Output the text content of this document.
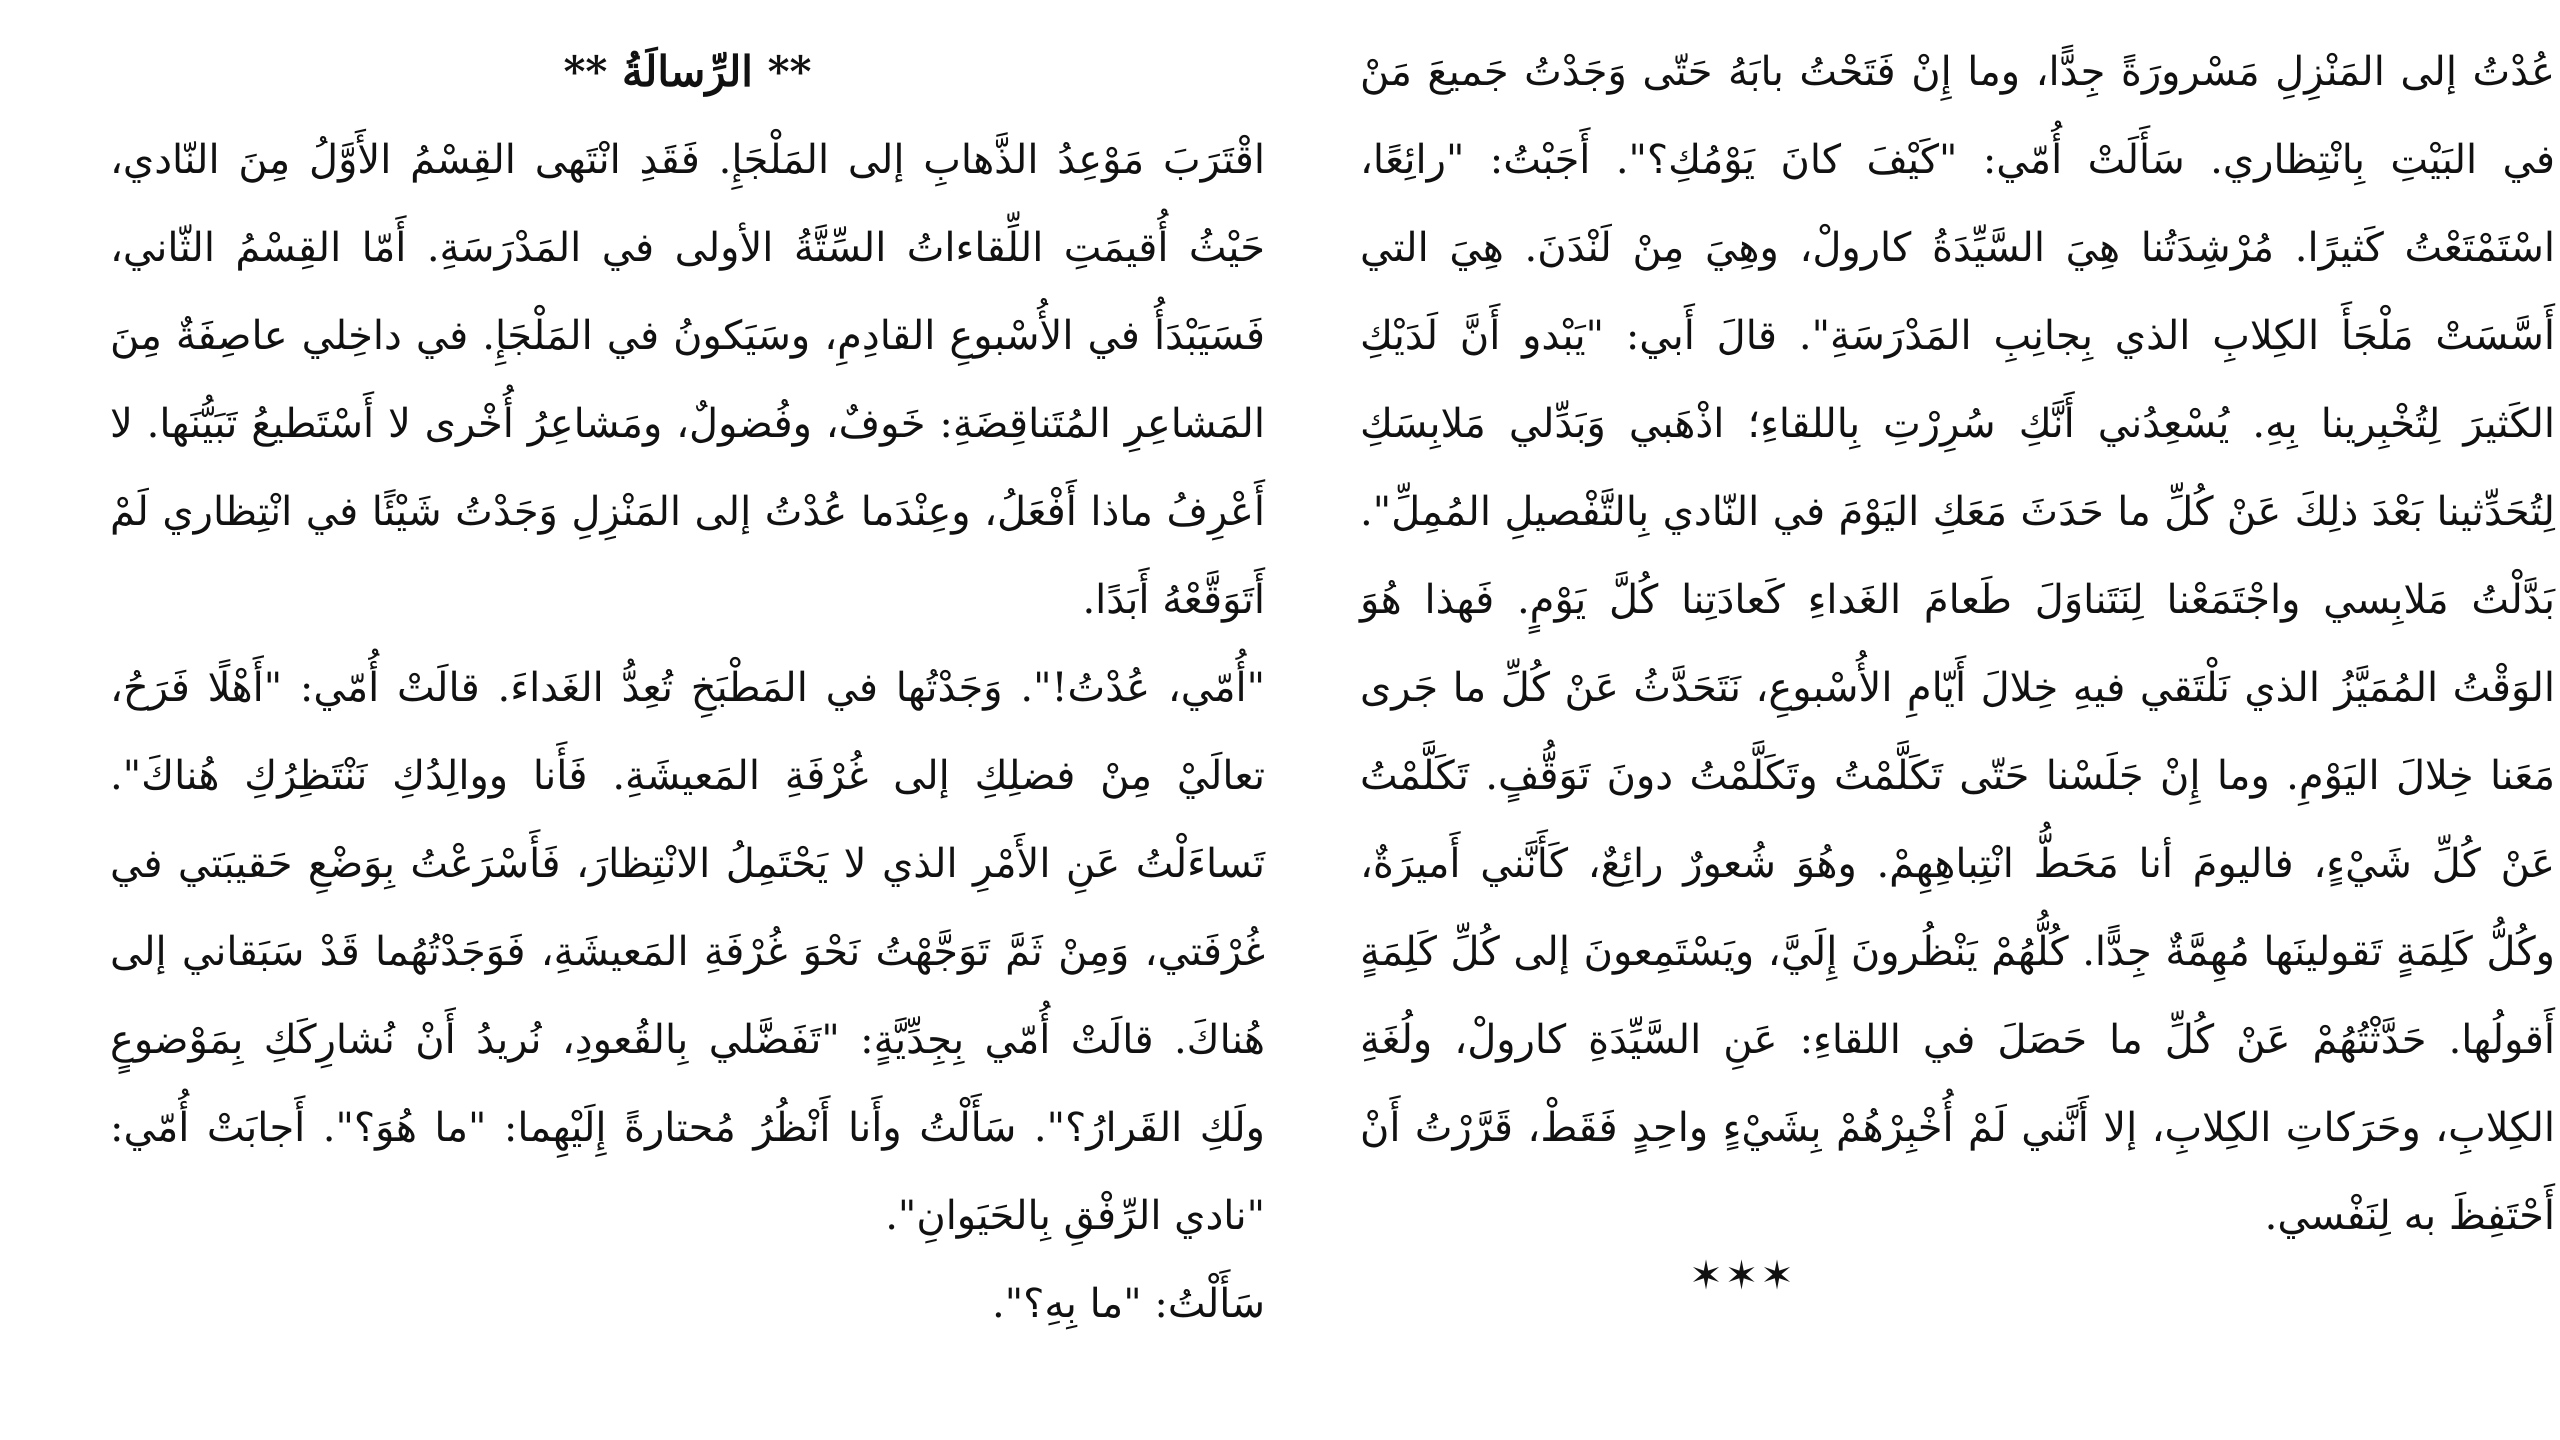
عُدْتُ إلى المَنْزِلِ مَسْرورَةً جِدًّا، وما إِنْ فَتَحْتُ بابَهُ حَتّى وَجَدْتُ جَميعَ مَنْ في البَيْتِ بِانْتِظاري. سَأَلَتْ أُمّي: "كَيْفَ كانَ يَوْمُكِ؟". أَجَبْتُ: "رائِعًا، اسْتَمْتَعْتُ كَثيرًا. مُرْشِدَتُنا هِيَ السَّيِّدَةُ كارولْ، وهِيَ مِنْ لَنْدَنَ. هِيَ التي أَسَّسَتْ مَلْجَأَ الكِلابِ الذي بِجانِبِ المَدْرَسَةِ". قالَ أَبي: "يَبْدو أَنَّ لَدَيْكِ الكَثيرَ لِتُخْبِرينا بِهِ. يُسْعِدُني أَنَّكِ سُرِرْتِ بِاللقاءِ؛ اذْهَبي وَبَدِّلي مَلابِسَكِ لِتُحَدِّثينا بَعْدَ ذلِكَ عَنْ كُلِّ ما حَدَثَ مَعَكِ اليَوْمَ في النّادي بِالتَّفْصيلِ المُمِلِّ". بَدَّلْتُ مَلابِسي واجْتَمَعْنا لِنَتَناوَلَ طَعامَ الغَداءِ كَعادَتِنا كُلَّ يَوْمٍ. فَهذا هُوَ الوَقْتُ المُمَيَّزُ الذي نَلْتَقي فيهِ خِلالَ أَيّامِ الأُسْبوعِ، نَتَحَدَّثُ عَنْ كُلِّ ما جَرى مَعَنا خِلالَ اليَوْمِ. وما إِنْ جَلَسْنا حَتّى تَكَلَّمْتُ وتَكَلَّمْتُ دونَ تَوَقُّفٍ. تَكَلَّمْتُ عَنْ كُلِّ شَيْءٍ، فاليومَ أنا مَحَطُّ انْتِباهِهِمْ. وهُوَ شُعورٌ رائِعٌ، كَأَنَّني أَميرَةٌ، وكُلُّ كَلِمَةٍ تَقولينَها مُهِمَّةٌ جِدًّا. كُلُّهُمْ يَنْظُرونَ إِلَيَّ، ويَسْتَمِعونَ إلى كُلِّ كَلِمَةٍ أَقولُها. حَدَّثْتُهُمْ عَنْ كُلِّ ما حَصَلَ في اللقاءِ: عَنِ السَّيِّدَةِ كارولْ، ولُغَةِ الكِلابِ، وحَرَكاتِ الكِلابِ، إلا أَنَّني لَمْ أُخْبِرْهُمْ بِشَيْءٍ واحِدٍ فَقَطْ، قَرَّرْتُ أَنْ أَحْتَفِظَ به لِنَفْسي.

✶✶✶
** الرِّسالَةُ **

اقْتَرَبَ مَوْعِدُ الذَّهابِ إلى المَلْجَإِ. فَقَدِ انْتَهى القِسْمُ الأَوَّلُ مِنَ النّادي، حَيْثُ أُقيمَتِ اللِّقاءاتُ السِّتَّةُ الأولى في المَدْرَسَةِ. أَمّا القِسْمُ الثّاني، فَسَيَبْدَأُ في الأُسْبوعِ القادِمِ، وسَيَكونُ في المَلْجَإِ. في داخِلي عاصِفَةٌ مِنَ المَشاعِرِ المُتَناقِضَةِ: خَوفٌ، وفُضولٌ، ومَشاعِرُ أُخْرى لا أَسْتَطيعُ تَبَيُّنَها. لا أَعْرِفُ ماذا أَفْعَلُ، وعِنْدَما عُدْتُ إلى المَنْزِلِ وَجَدْتُ شَيْئًا في انْتِظاري لَمْ أَتَوَقَّعْهُ أَبَدًا.

"أُمّي، عُدْتُ!". وَجَدْتُها في المَطْبَخِ تُعِدُّ الغَداءَ. قالَتْ أُمّي: "أَهْلًا فَرَحُ، تعالَيْ مِنْ فضلِكِ إلى غُرْفَةِ المَعيشَةِ. فَأَنا ووالِدُكِ نَنْتَظِرُكِ هُناكَ". تَساءَلْتُ عَنِ الأَمْرِ الذي لا يَحْتَمِلُ الانْتِظارَ، فَأَسْرَعْتُ بِوَضْعِ حَقيبَتي في غُرْفَتي، وَمِنْ ثَمَّ تَوَجَّهْتُ نَحْوَ غُرْفَةِ المَعيشَةِ، فَوَجَدْتُهُما قَدْ سَبَقاني إلى هُناكَ. قالَتْ أُمّي بِجِدِّيَّةٍ: "تَفَضَّلي بِالقُعودِ، نُريدُ أَنْ نُشارِكَكِ بِمَوْضوعٍ ولَكِ القَرارُ؟". سَأَلْتُ وأَنا أَنْظُرُ مُحتارةً إِلَيْهِما: "ما هُوَ؟". أَجابَتْ أُمّي: "نادي الرِّفْقِ بِالحَيَوانِ".

سَأَلْتُ: "ما بِهِ؟".
